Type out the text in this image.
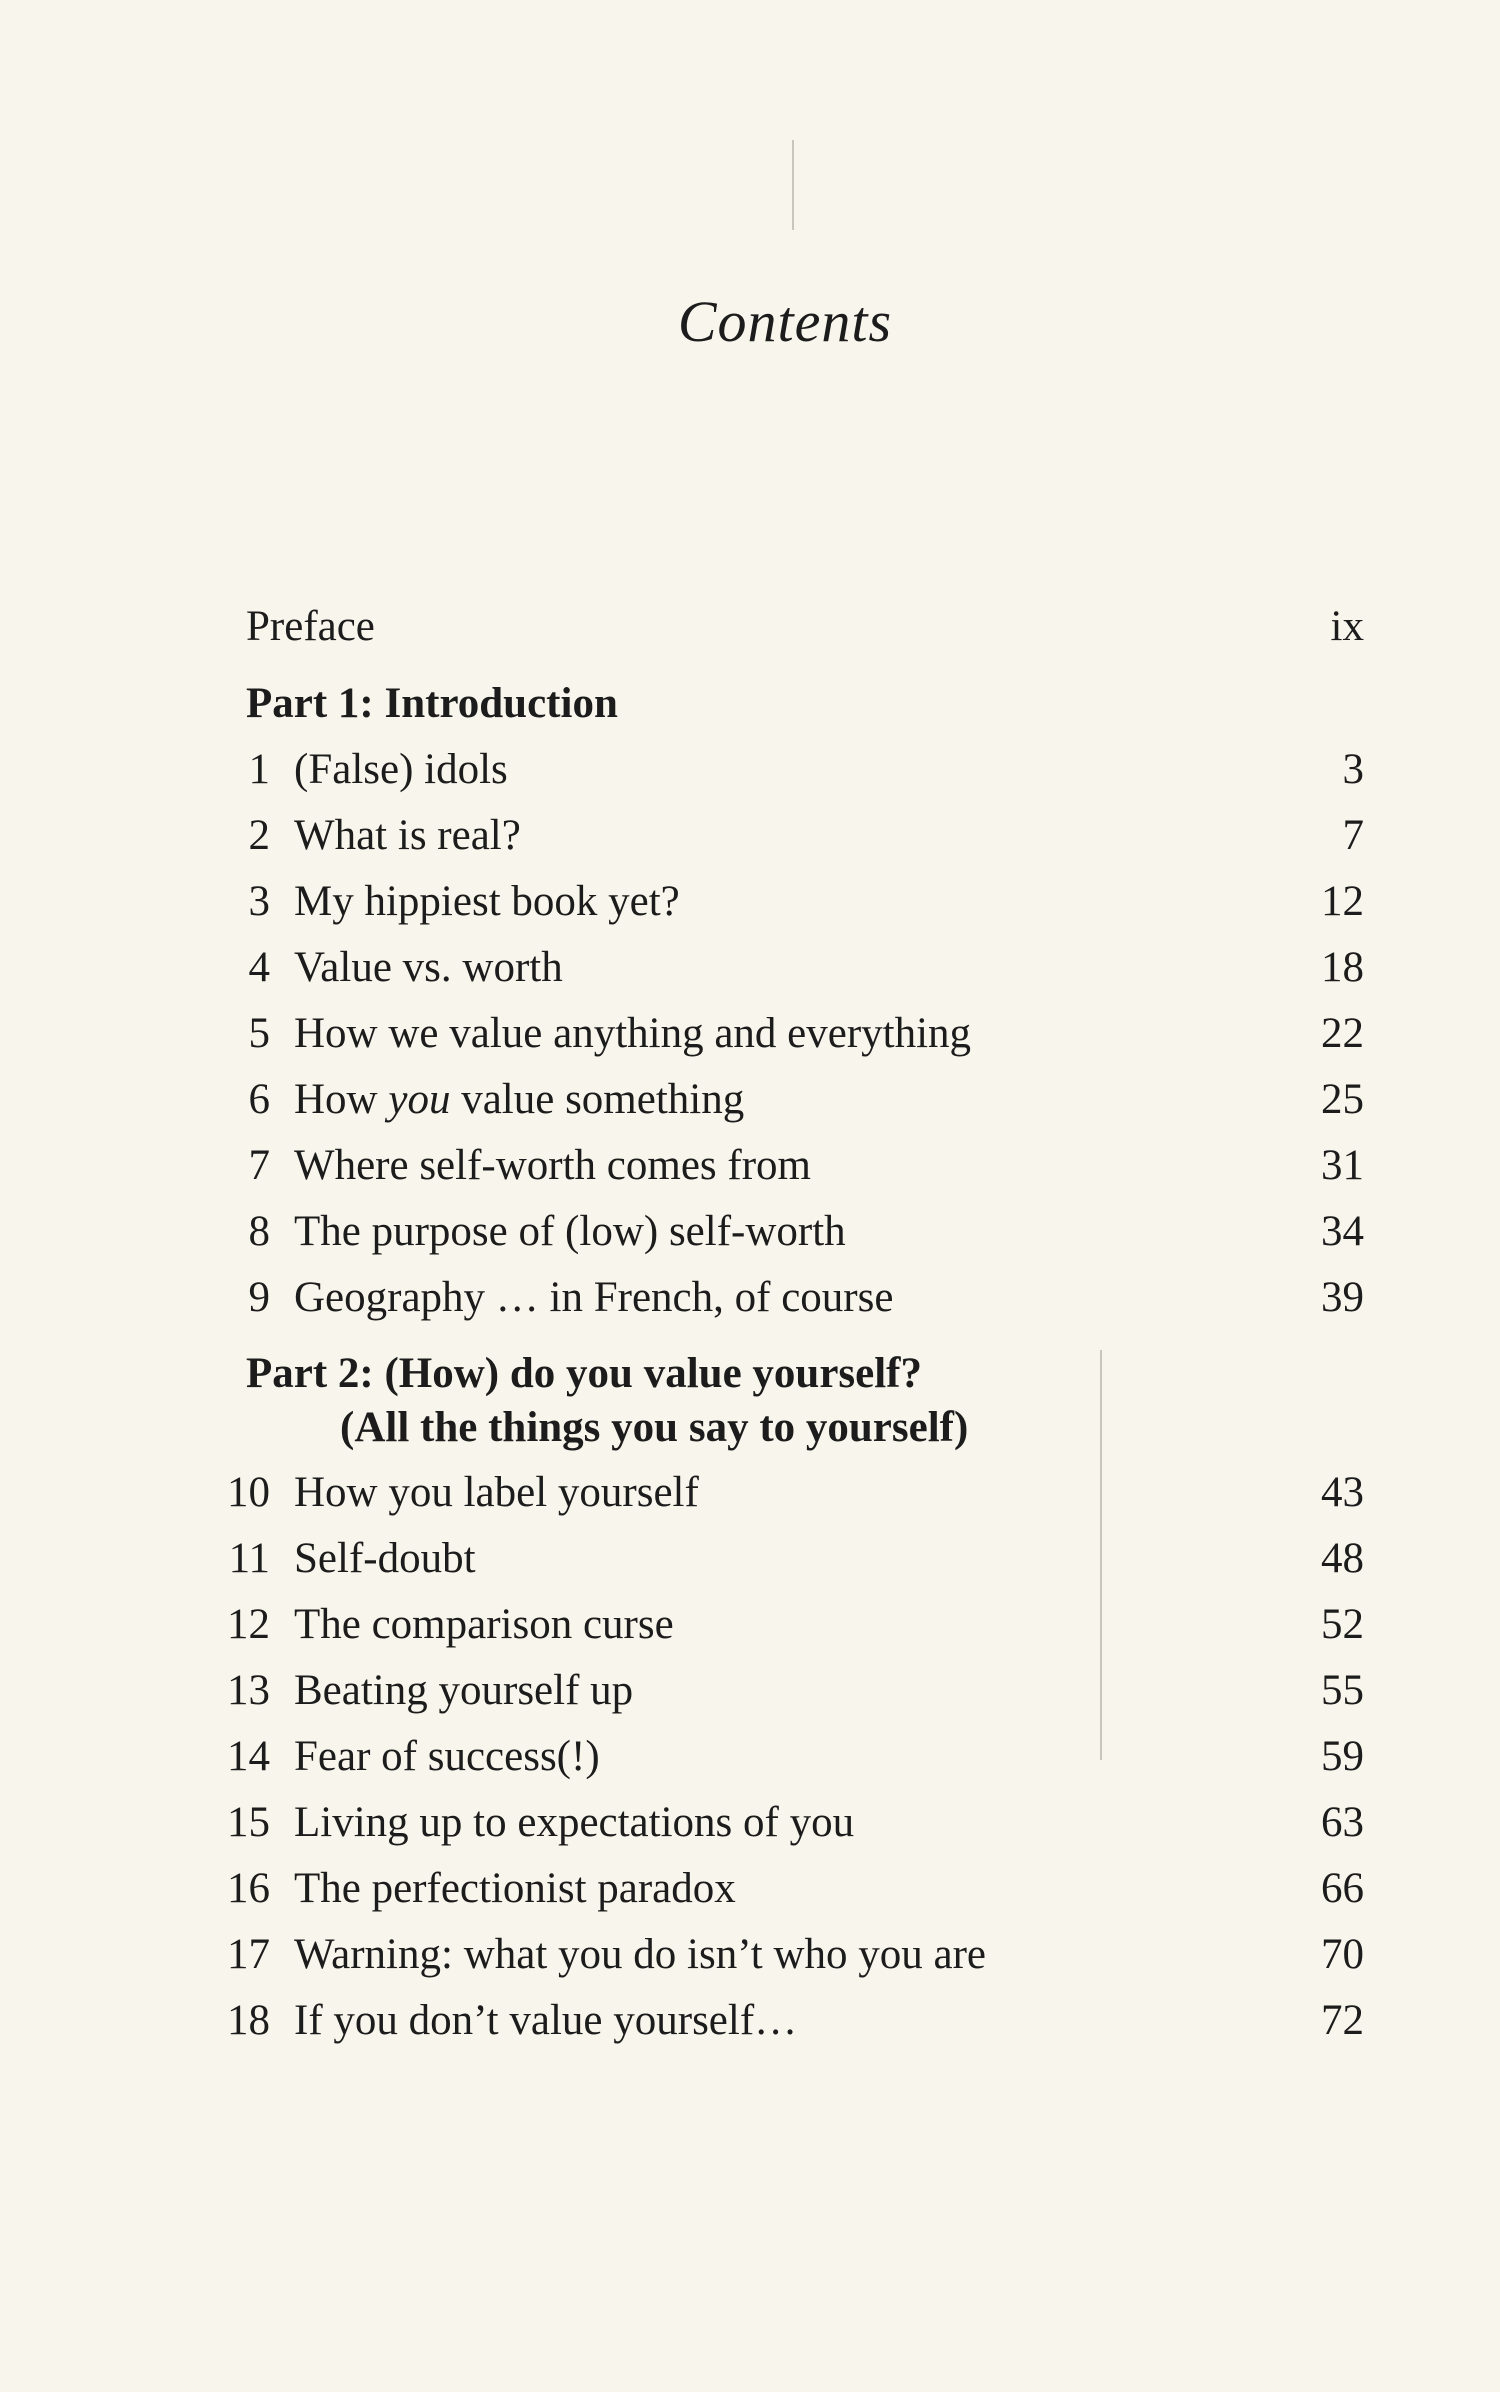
Contents
Preface	ix
Part 1: Introduction
1 (False) idols	3
2 What is real?	7
3 My hippiest book yet?	12
4 Value vs. worth	18
5 How we value anything and everything	22
6 How you value something	25
7 Where self-worth comes from	31
8 The purpose of (low) self-worth	34
9 Geography … in French, of course	39
Part 2: (How) do you value yourself?
(All the things you say to yourself)
10 How you label yourself	43
11 Self-doubt	48
12 The comparison curse	52
13 Beating yourself up	55
14 Fear of success(!)	59
15 Living up to expectations of you	63
16 The perfectionist paradox	66
17 Warning: what you do isn’t who you are	70
18 If you don’t value yourself…	72
